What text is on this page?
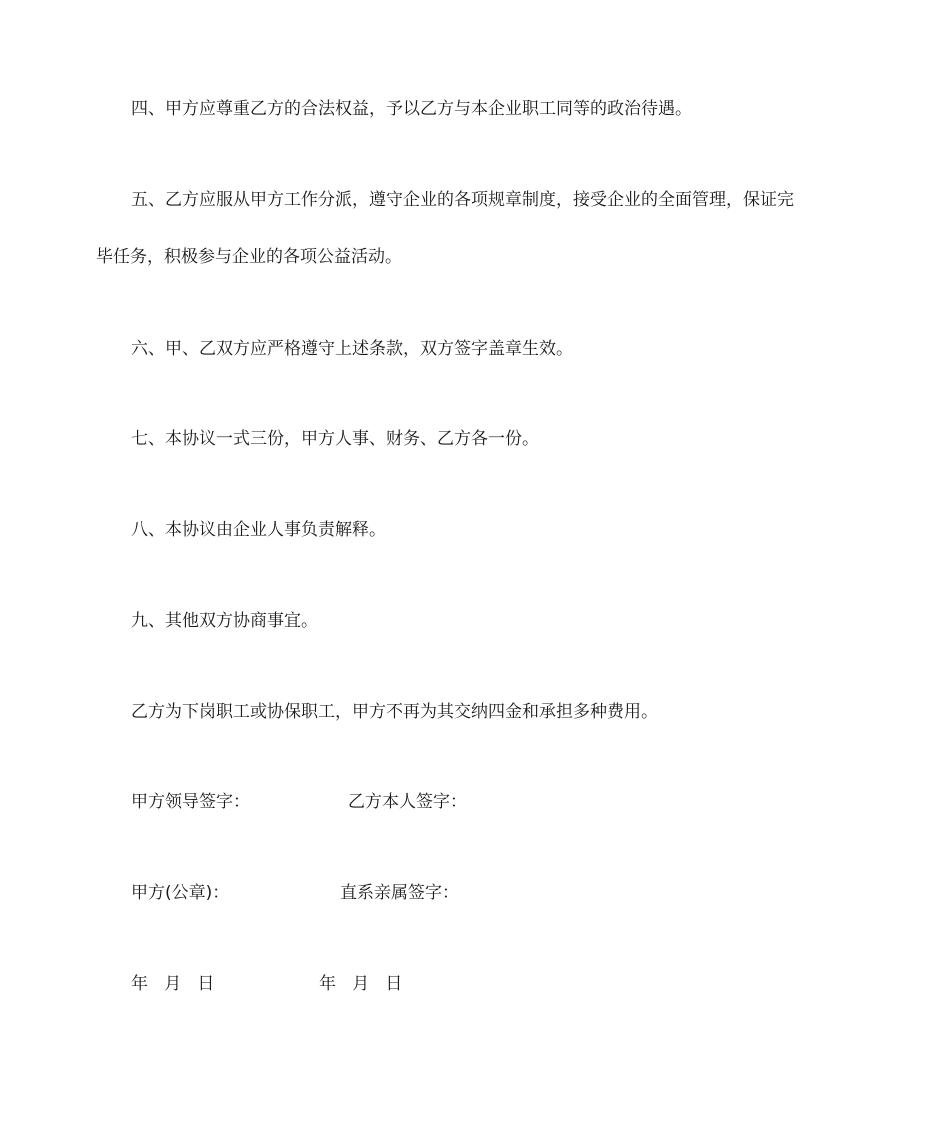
四、甲方应尊重乙方的合法权益，予以乙方与本企业职工同等的政治待遇。

五、乙方应服从甲方工作分派，遵守企业的各项规章制度，接受企业的全面管理，保证完

毕任务，积极参与企业的各项公益活动。

六、甲、乙双方应严格遵守上述条款，双方签字盖章生效。

七、本协议一式三份，甲方人事、财务、乙方各一份。

八、本协议由企业人事负责解释。

九、其他双方协商事宜。

乙方为下岗职工或协保职工，甲方不再为其交纳四金和承担多种费用。

甲方领导签字：	乙方本人签字：

甲方(公章)：	直系亲属签字：

年   月   日	年   月   日
